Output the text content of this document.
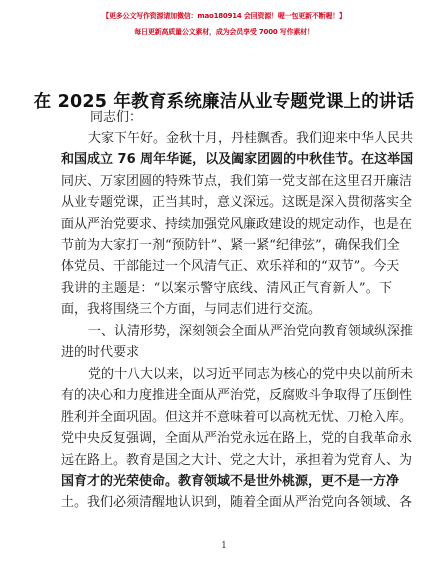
【更多公文写作资源请加微信：mao180914 会回资源！喔一包更新不断喔！】
每日更新高质量公文素材，成为会员享受 7000 写作素材！
在 2025 年教育系统廉洁从业专题党课上的讲话
同志们：
大家下午好。金秋十月，丹桂飘香。我们迎来中华人民共
和国成立 76 周年华诞，以及阖家团圆的中秋佳节。在这举国
同庆、万家团圆的特殊节点，我们第一党支部在这里召开廉洁
从业专题党课，正当其时，意义深远。这既是深入贯彻落实全
面从严治党要求、持续加强党风廉政建设的规定动作，也是在
节前为大家打一剂“预防针”、紧一紧“纪律弦”，确保我们全
体党员、干部能过一个风清气正、欢乐祥和的“双节”。今天
我讲的主题是：“以案示警守底线、清风正气育新人”。下
面，我将围绕三个方面，与同志们进行交流。
一、认清形势，深刻领会全面从严治党向教育领域纵深推
进的时代要求
党的十八大以来，以习近平同志为核心的党中央以前所未
有的决心和力度推进全面从严治党，反腐败斗争取得了压倒性
胜利并全面巩固。但这并不意味着可以高枕无忧、刀枪入库。
党中央反复强调，全面从严治党永远在路上，党的自我革命永
远在路上。教育是国之大计、党之大计，承担着为党育人、为
国育才的光荣使命。教育领域不是世外桃源，更不是一方净
土。我们必须清醒地认识到，随着全面从严治党向各领域、各
1
